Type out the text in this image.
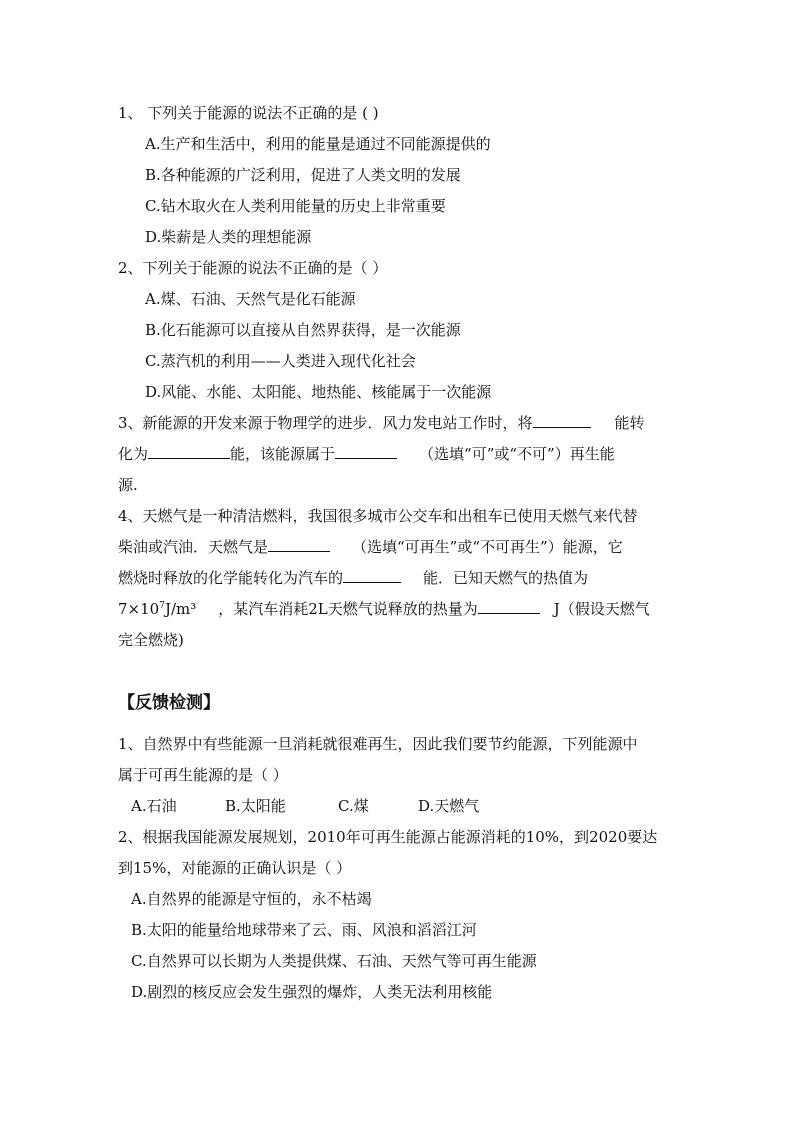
1、 下列关于能源的说法不正确的是 ( )
A.生产和生活中，利用的能量是通过不同能源提供的
B.各种能源的广泛利用，促进了人类文明的发展
C.钻木取火在人类利用能量的历史上非常重要
D.柴薪是人类的理想能源
2、下列关于能源的说法不正确的是（ ）
A.煤、石油、天然气是化石能源
B.化石能源可以直接从自然界获得，是一次能源
C.蒸汽机的利用——人类进入现代化社会
D.风能、水能、太阳能、地热能、核能属于一次能源
3、新能源的开发来源于物理学的进步．风力发电站工作时，将	能转
化为	能，该能源属于	（选填“可”或“不可”）再生能
源.
4、天燃气是一种清洁燃料，我国很多城市公交车和出租车已使用天燃气来代替
柴油或汽油．天燃气是	（选填“可再生”或“不可再生”）能源，它
燃烧时释放的化学能转化为汽车的	能．已知天燃气的热值为
$7\times 10^7J/m^3$ ，某汽车消耗2L天燃气说释放的热量为	J（假设天燃气
完全燃烧)
【反馈检测】
1、自然界中有些能源一旦消耗就很难再生，因此我们要节约能源，下列能源中
属于可再生能源的是（ ）
A.石油	B.太阳能	C.煤	D.天燃气
2、根据我国能源发展规划，2010年可再生能源占能源消耗的10%，到2020要达
到15%，对能源的正确认识是（ ）
A.自然界的能源是守恒的，永不枯竭
B.太阳的能量给地球带来了云、雨、风浪和滔滔江河
C.自然界可以长期为人类提供煤、石油、天然气等可再生能源
D.剧烈的核反应会发生强烈的爆炸，人类无法利用核能
